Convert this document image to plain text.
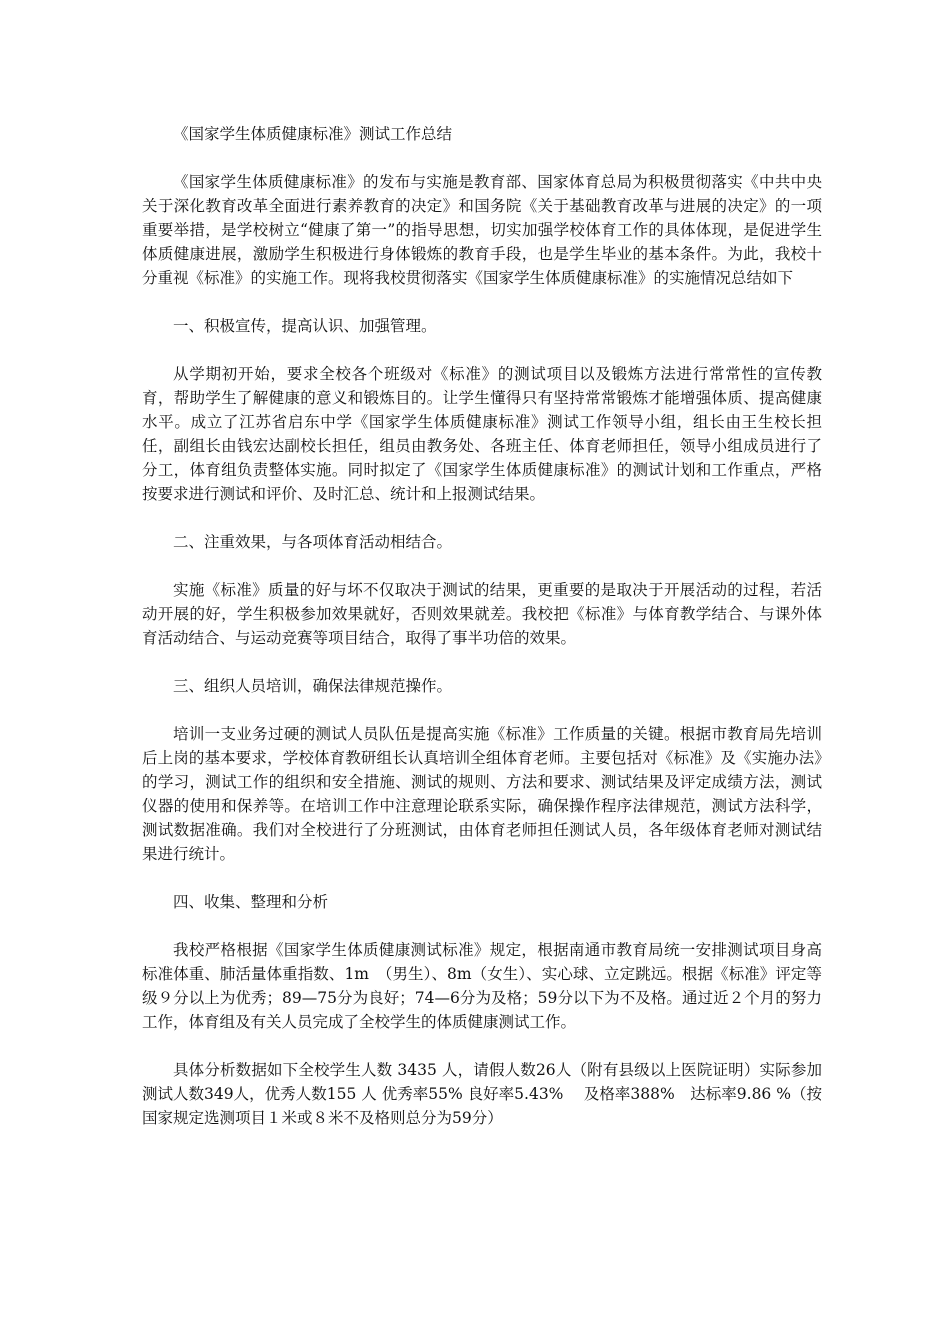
《国家学生体质健康标准》测试工作总结

《国家学生体质健康标准》的发布与实施是教育部、国家体育总局为积极贯彻落实《中共中央关于深化教育改革全面进行素养教育的决定》和国务院《关于基础教育改革与进展的决定》的一项重要举措，是学校树立“健康了第一”的指导思想，切实加强学校体育工作的具体体现，是促进学生体质健康进展，激励学生积极进行身体锻炼的教育手段，也是学生毕业的基本条件。为此，我校十分重视《标准》的实施工作。现将我校贯彻落实《国家学生体质健康标准》的实施情况总结如下

一、积极宣传，提高认识、加强管理。

从学期初开始，要求全校各个班级对《标准》的测试项目以及锻炼方法进行常常性的宣传教育，帮助学生了解健康的意义和锻炼目的。让学生懂得只有坚持常常锻炼才能增强体质、提高健康水平。成立了江苏省启东中学《国家学生体质健康标准》测试工作领导小组，组长由王生校长担任，副组长由钱宏达副校长担任，组员由教务处、各班主任、体育老师担任，领导小组成员进行了分工，体育组负责整体实施。同时拟定了《国家学生体质健康标准》的测试计划和工作重点，严格按要求进行测试和评价、及时汇总、统计和上报测试结果。

二、注重效果，与各项体育活动相结合。

实施《标准》质量的好与坏不仅取决于测试的结果，更重要的是取决于开展活动的过程，若活动开展的好，学生积极参加效果就好，否则效果就差。我校把《标准》与体育教学结合、与课外体育活动结合、与运动竞赛等项目结合，取得了事半功倍的效果。

三、组织人员培训，确保法律规范操作。

培训一支业务过硬的测试人员队伍是提高实施《标准》工作质量的关键。根据市教育局先培训后上岗的基本要求，学校体育教研组长认真培训全组体育老师。主要包括对《标准》及《实施办法》的学习，测试工作的组织和安全措施、测试的规则、方法和要求、测试结果及评定成绩方法，测试仪器的使用和保养等。在培训工作中注意理论联系实际，确保操作程序法律规范，测试方法科学，测试数据准确。我们对全校进行了分班测试，由体育老师担任测试人员，各年级体育老师对测试结果进行统计。

四、收集、整理和分析

我校严格根据《国家学生体质健康测试标准》规定，根据南通市教育局统一安排测试项目身高标准体重、肺活量体重指数、1m　（男生）、8m（女生）、实心球、立定跳远。根据《标准》评定等级９分以上为优秀；89—75分为良好；74—6分为及格；59分以下为不及格。通过近２个月的努力工作，体育组及有关人员完成了全校学生的体质健康测试工作。

具体分析数据如下全校学生人数 3435 人，请假人数26人（附有县级以上医院证明）实际参加测试人数349人，优秀人数155 人 优秀率55% 良好率5.43%　 及格率388%　达标率9.86 %（按国家规定选测项目１米或８米不及格则总分为59分）
